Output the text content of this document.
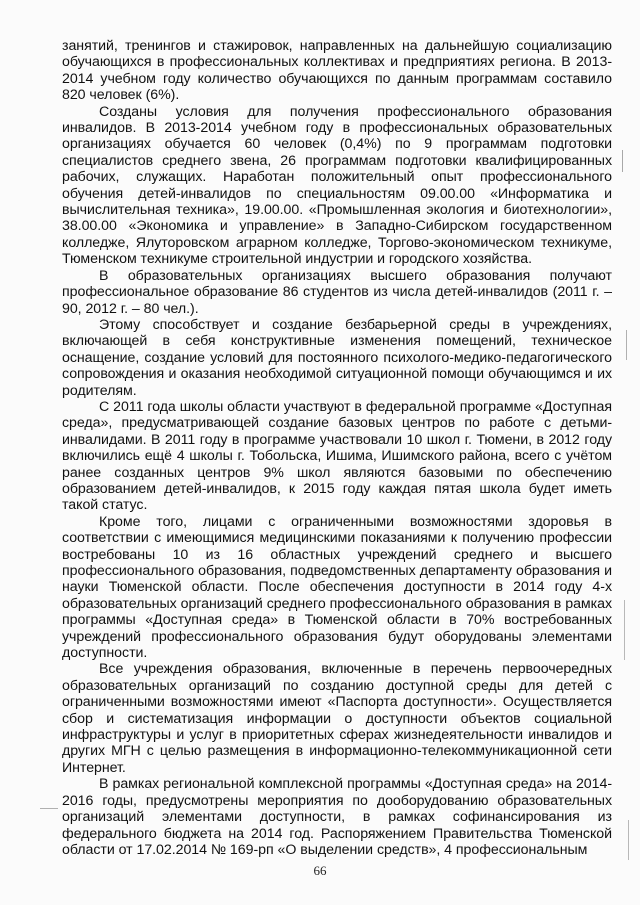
занятий, тренингов и стажировок, направленных на дальнейшую социализацию обучающихся в профессиональных коллективах и предприятиях региона. В 2013-2014 учебном году количество обучающихся по данным программам составило 820 человек (6%).

Созданы условия для получения профессионального образования инвалидов. В 2013-2014 учебном году в профессиональных образовательных организациях обучается 60 человек (0,4%) по 9 программам подготовки специалистов среднего звена, 26 программам подготовки квалифицированных рабочих, служащих. Наработан положительный опыт профессионального обучения детей-инвалидов по специальностям 09.00.00 «Информатика и вычислительная техника», 19.00.00. «Промышленная экология и биотехнологии», 38.00.00 «Экономика и управление» в Западно-Сибирском государственном колледже, Ялуторовском аграрном колледже, Торгово-экономическом техникуме, Тюменском техникуме строительной индустрии и городского хозяйства.

В образовательных организациях высшего образования получают профессиональное образование 86 студентов из числа детей-инвалидов (2011 г. – 90, 2012 г. – 80 чел.).

Этому способствует и создание безбарьерной среды в учреждениях, включающей в себя конструктивные изменения помещений, техническое оснащение, создание условий для постоянного психолого-медико-педагогического сопровождения и оказания необходимой ситуационной помощи обучающимся и их родителям.

С 2011 года школы области участвуют в федеральной программе «Доступная среда», предусматривающей создание базовых центров по работе с детьми-инвалидами. В 2011 году в программе участвовали 10 школ г. Тюмени, в 2012 году включились ещё 4 школы г. Тобольска, Ишима, Ишимского района, всего с учётом ранее созданных центров 9% школ являются базовыми по обеспечению образованием детей-инвалидов, к 2015 году каждая пятая школа будет иметь такой статус.

Кроме того, лицами с ограниченными возможностями здоровья в соответствии с имеющимися медицинскими показаниями к получению профессии востребованы 10 из 16 областных учреждений среднего и высшего профессионального образования, подведомственных департаменту образования и науки Тюменской области. После обеспечения доступности в 2014 году 4-х образовательных организаций среднего профессионального образования в рамках программы «Доступная среда» в Тюменской области в 70% востребованных учреждений профессионального образования будут оборудованы элементами доступности.

Все учреждения образования, включенные в перечень первоочередных образовательных организаций по созданию доступной среды для детей с ограниченными возможностями имеют «Паспорта доступности». Осуществляется сбор и систематизация информации о доступности объектов социальной инфраструктуры и услуг в приоритетных сферах жизнедеятельности инвалидов и других МГН с целью размещения в информационно-телекоммуникационной сети Интернет.

В рамках региональной комплексной программы «Доступная среда» на 2014-2016 годы, предусмотрены мероприятия по дооборудованию образовательных организаций элементами доступности, в рамках софинансирования из федерального бюджета на 2014 год. Распоряжением Правительства Тюменской области от 17.02.2014 № 169-рп «О выделении средств», 4 профессиональным

66
